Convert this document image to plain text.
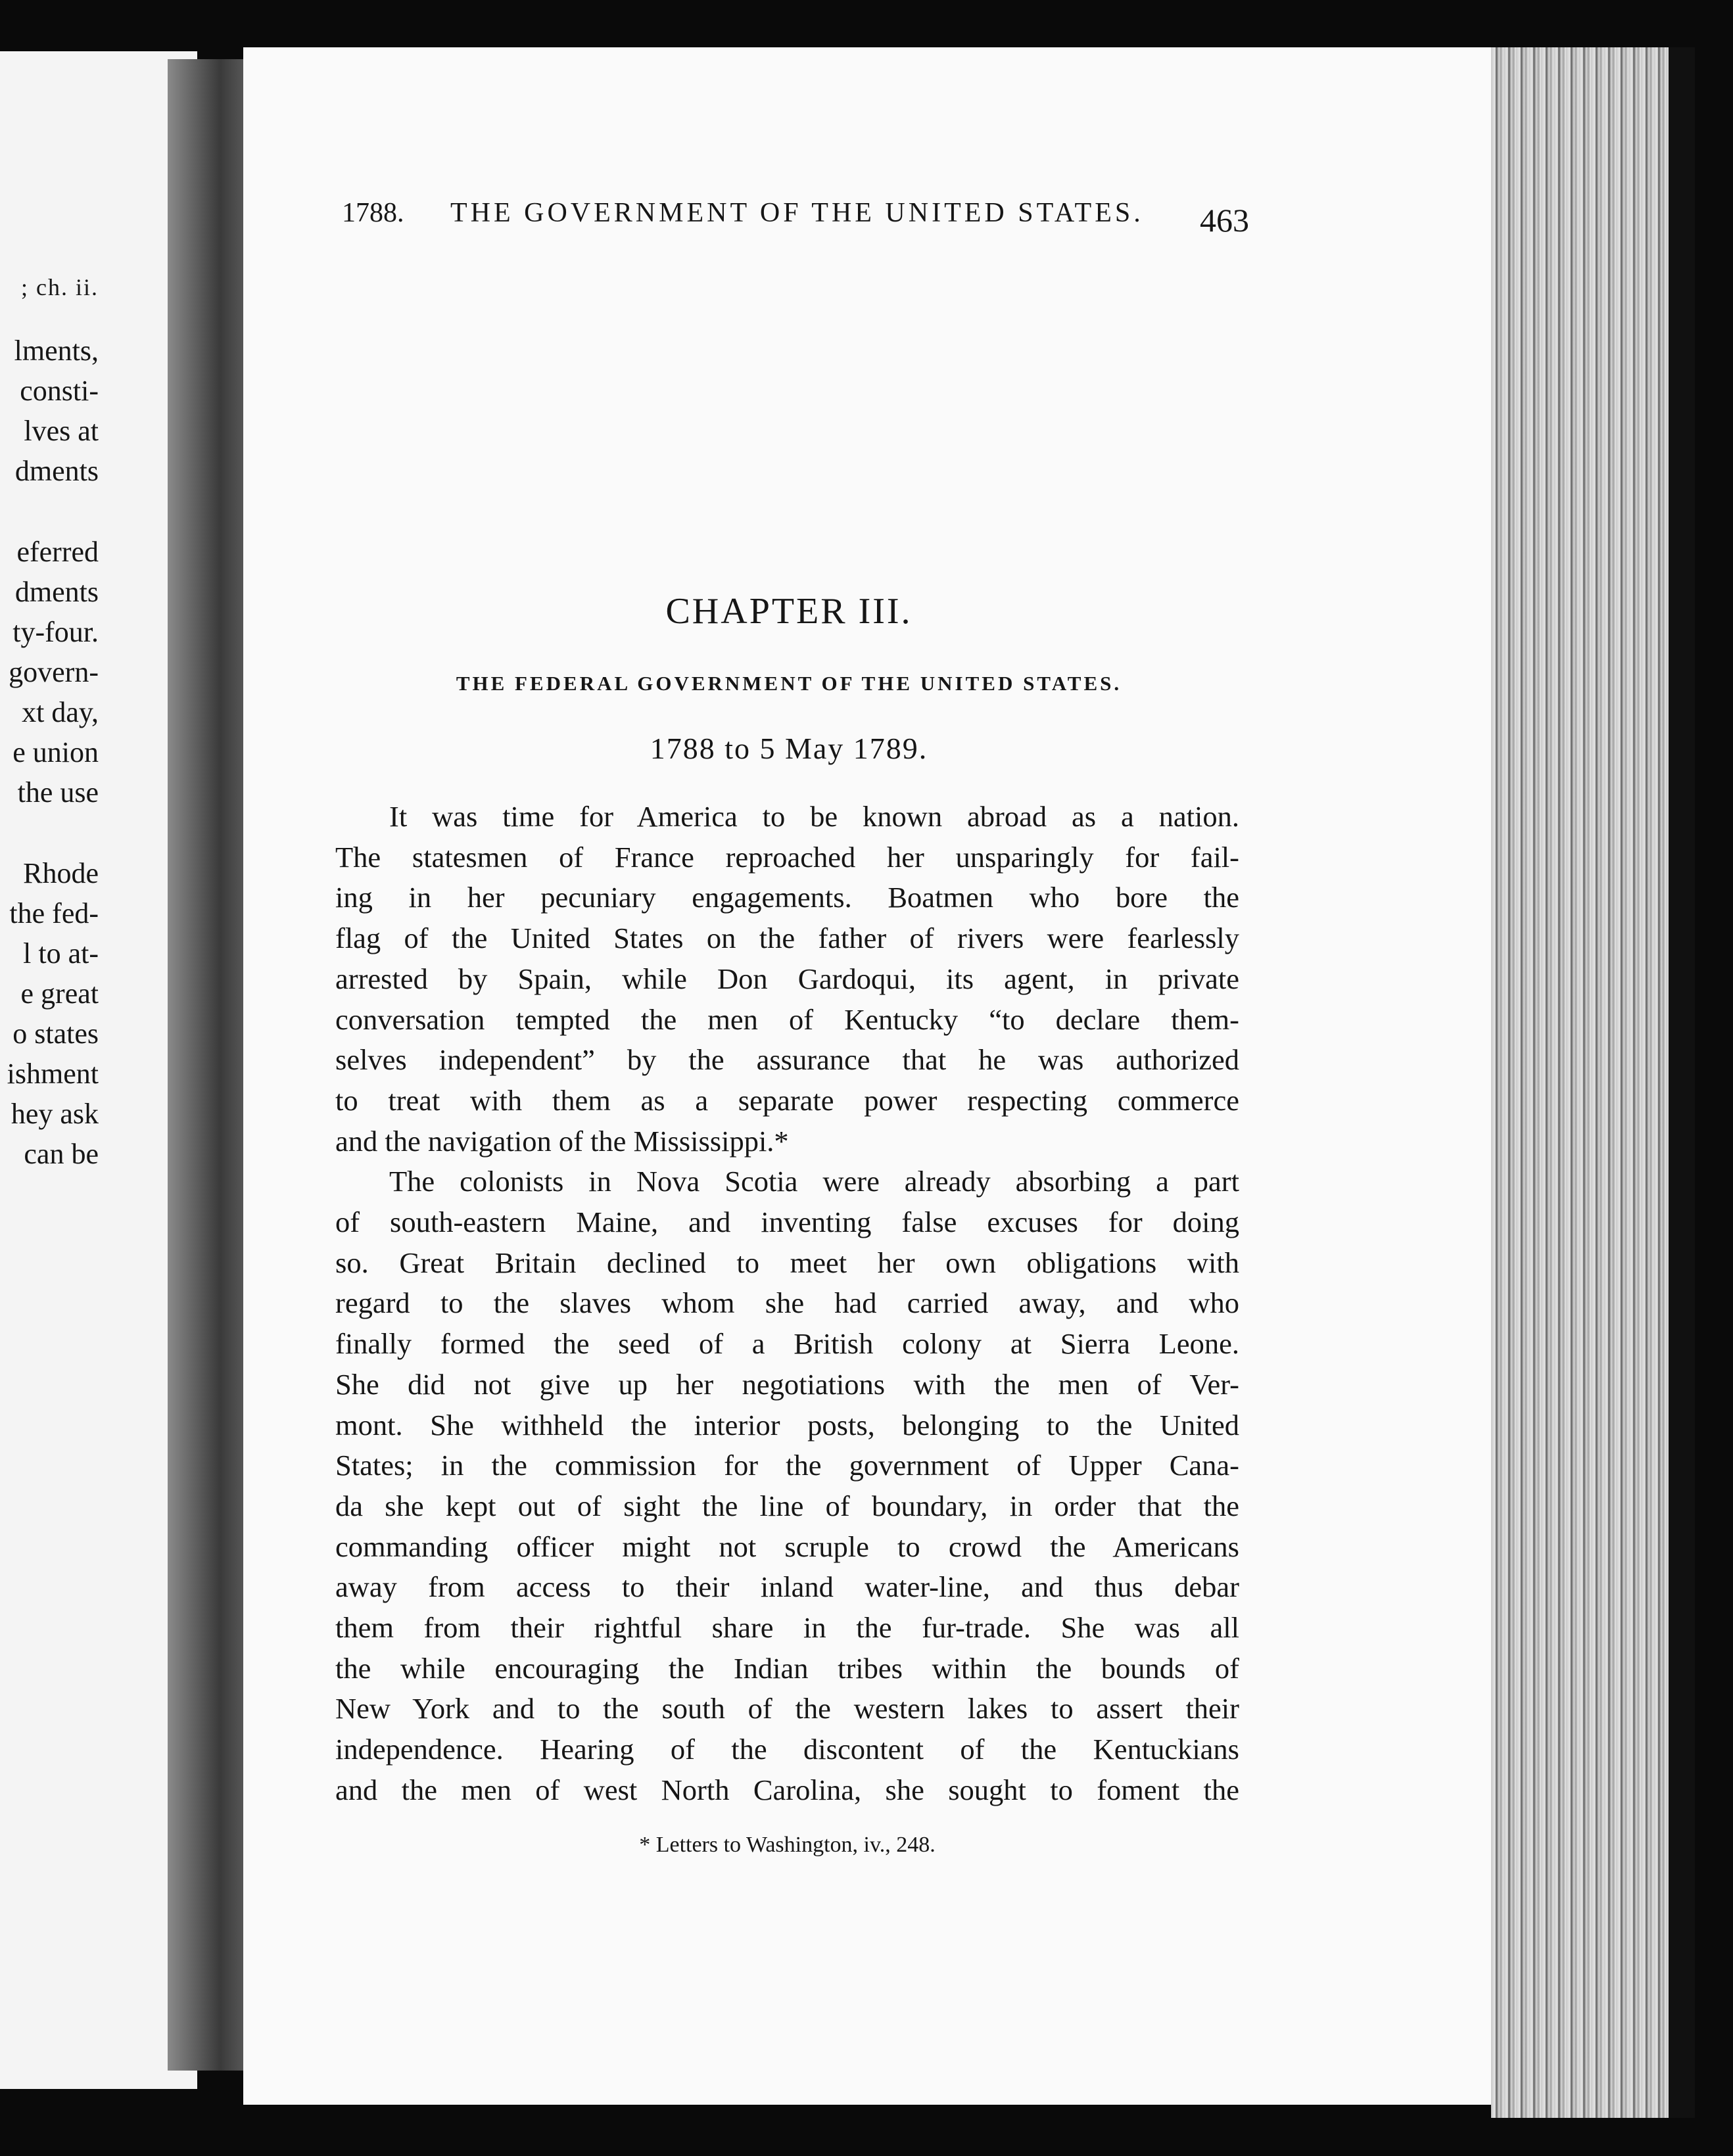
; ch. ii.
lments,
consti-
lves at
dments
eferred
dments
ty-four.
govern-
xt day,
e union
the use
Rhode
the fed-
l to at-
e great
o states
ishment
hey ask
can be
1788. THE GOVERNMENT OF THE UNITED STATES. 463
CHAPTER III.
THE FEDERAL GOVERNMENT OF THE UNITED STATES.
1788 to 5 May 1789.
It was time for America to be known abroad as a nation.
The statesmen of France reproached her unsparingly for fail-
ing in her pecuniary engagements. Boatmen who bore the
flag of the United States on the father of rivers were fearlessly
arrested by Spain, while Don Gardoqui, its agent, in private
conversation tempted the men of Kentucky “to declare them-
selves independent” by the assurance that he was authorized
to treat with them as a separate power respecting commerce
and the navigation of the Mississippi.*
The colonists in Nova Scotia were already absorbing a part
of south-eastern Maine, and inventing false excuses for doing
so. Great Britain declined to meet her own obligations with
regard to the slaves whom she had carried away, and who
finally formed the seed of a British colony at Sierra Leone.
She did not give up her negotiations with the men of Ver-
mont. She withheld the interior posts, belonging to the United
States; in the commission for the government of Upper Cana-
da she kept out of sight the line of boundary, in order that the
commanding officer might not scruple to crowd the Americans
away from access to their inland water-line, and thus debar
them from their rightful share in the fur-trade. She was all
the while encouraging the Indian tribes within the bounds of
New York and to the south of the western lakes to assert their
independence. Hearing of the discontent of the Kentuckians
and the men of west North Carolina, she sought to foment the
* Letters to Washington, iv., 248.
